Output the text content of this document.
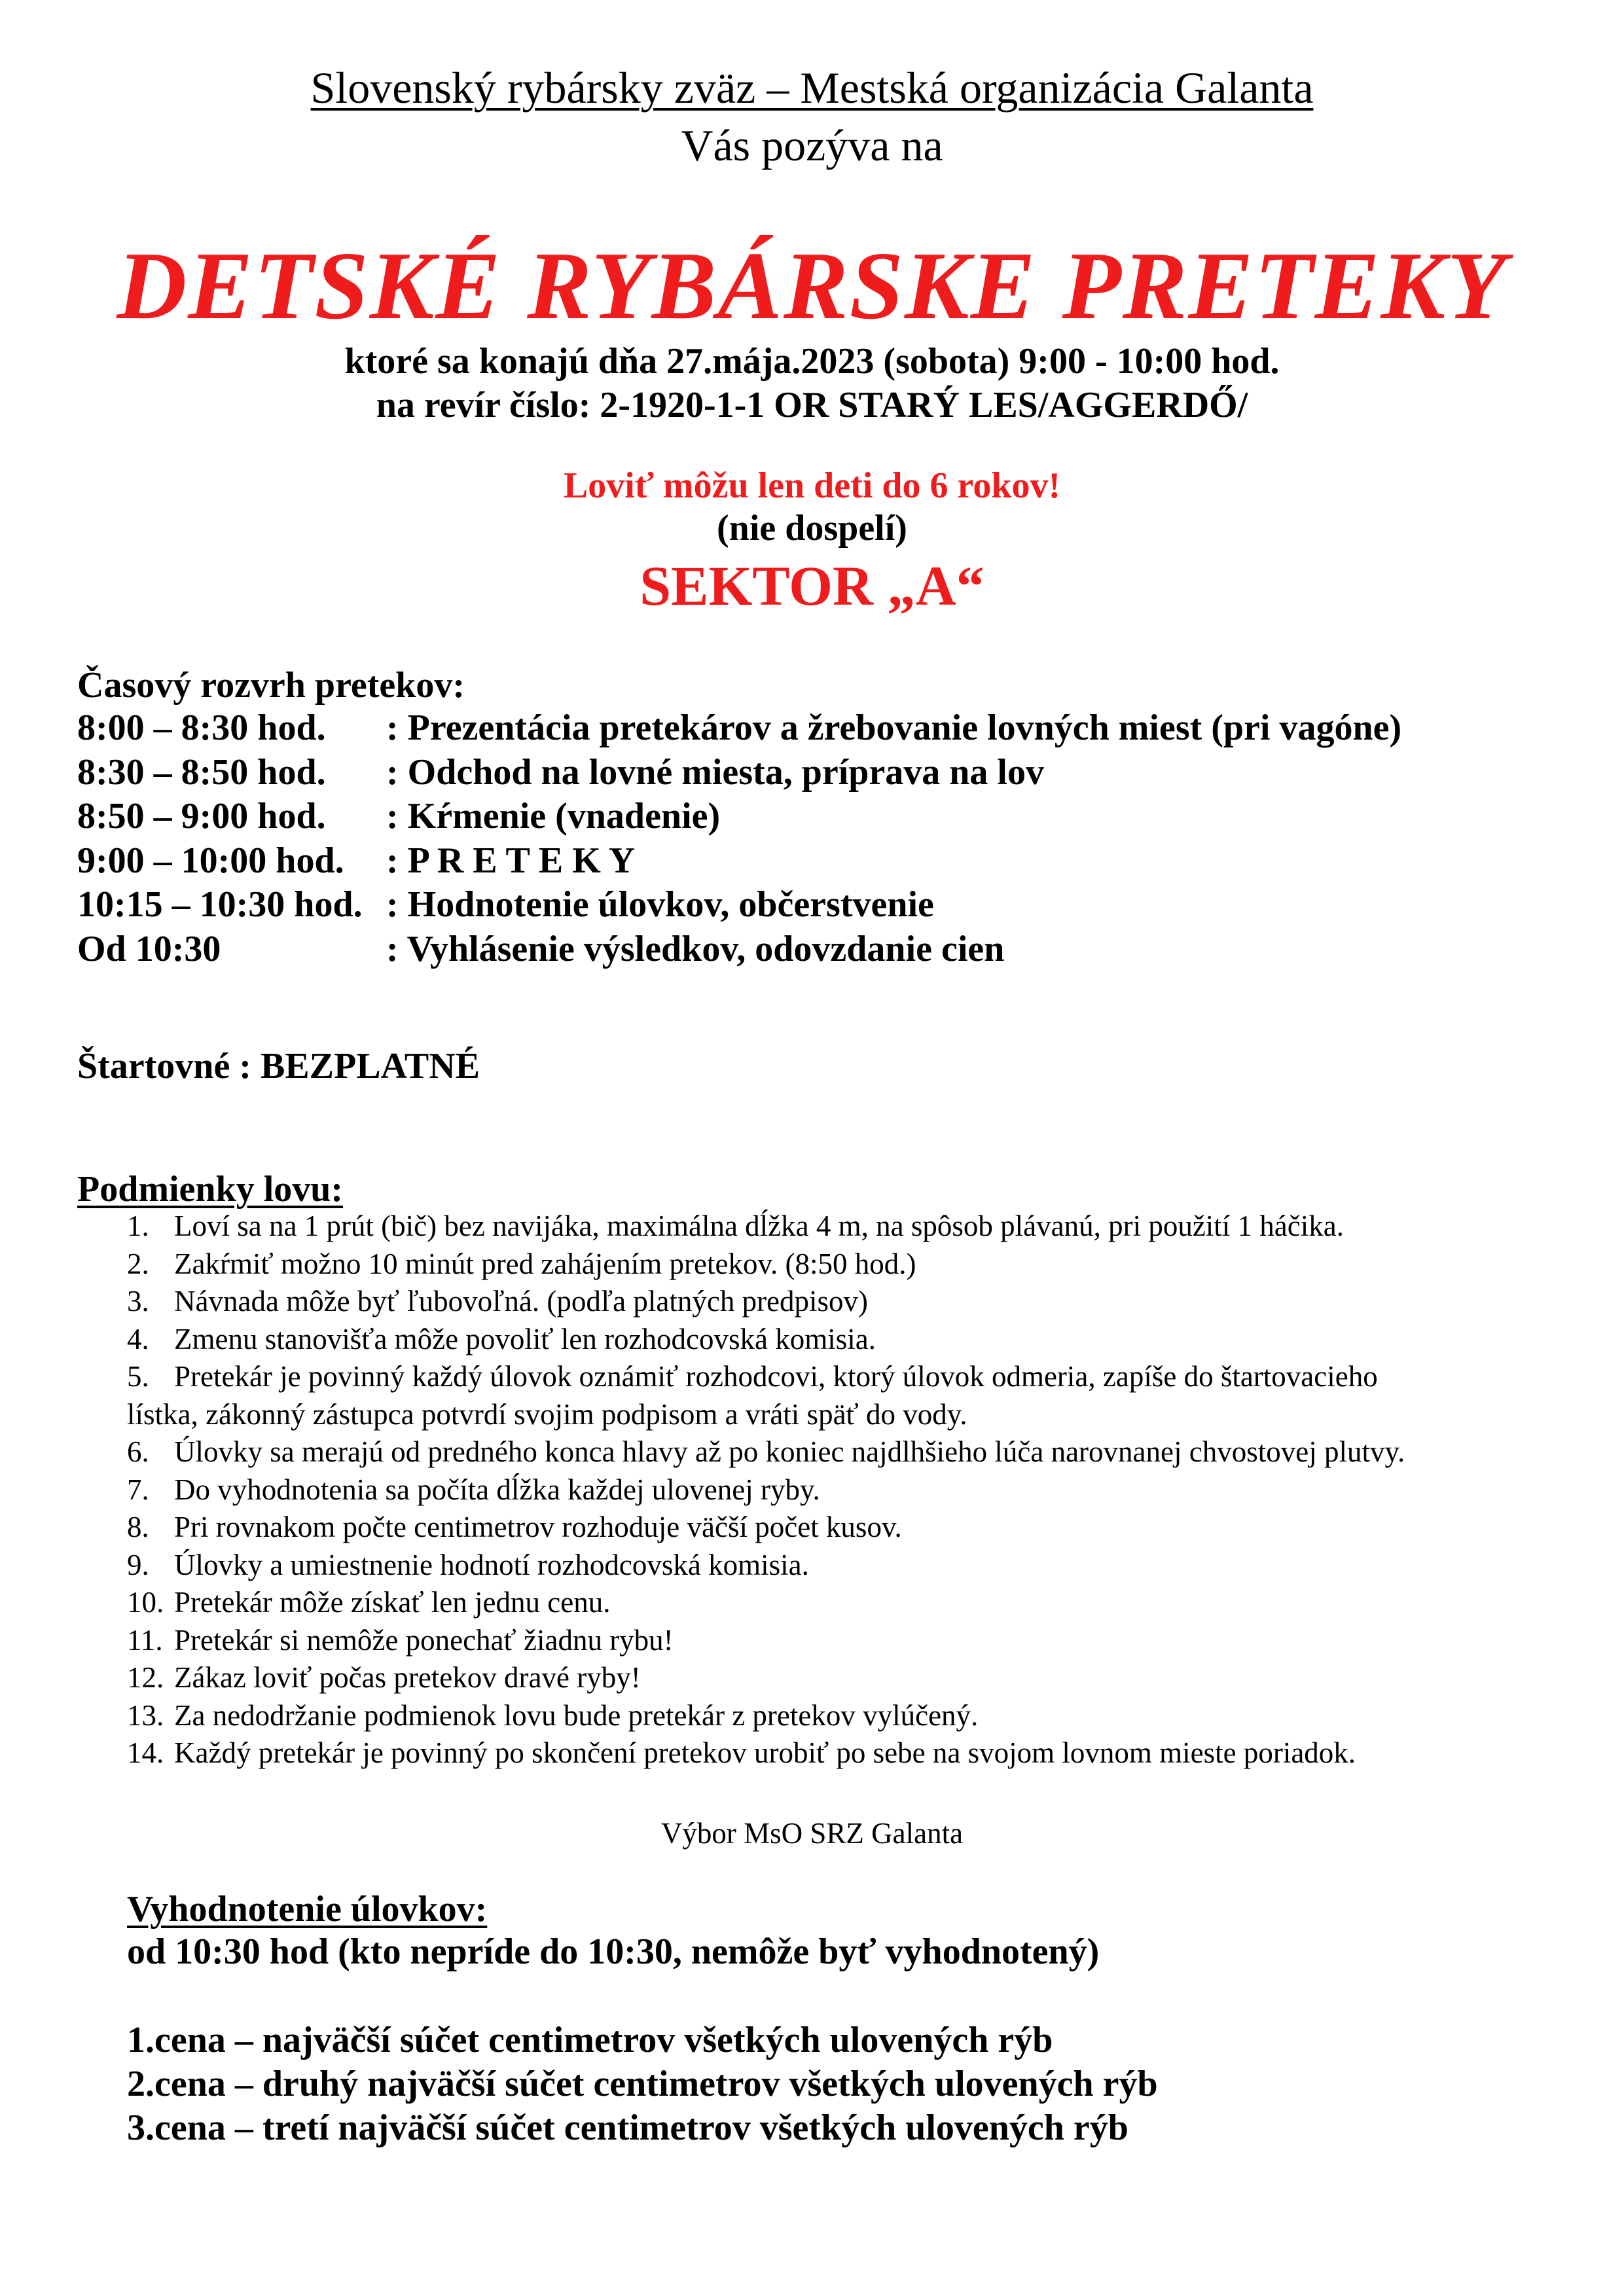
Slovenský rybársky zväz – Mestská organizácia Galanta
Vás pozýva na
DETSKÉ RYBÁRSKE PRETEKY
ktoré sa konajú dňa 27.mája.2023 (sobota) 9:00 - 10:00 hod.
na revír číslo: 2-1920-1-1 OR STARÝ LES/AGGERDŐ/
Loviť môžu len deti do 6 rokov!
(nie dospelí)
SEKTOR „A“
Časový rozvrh pretekov:
8:00 – 8:30 hod.	: Prezentácia pretekárov a žrebovanie lovných miest (pri vagóne)
8:30 – 8:50 hod.	: Odchod na lovné miesta, príprava na lov
8:50 – 9:00 hod.	: Kŕmenie (vnadenie)
9:00 – 10:00 hod.	: P R E T E K Y
10:15 – 10:30 hod. : Hodnotenie úlovkov, občerstvenie
Od 10:30	: Vyhlásenie výsledkov, odovzdanie cien
Štartovné : BEZPLATNÉ
Podmienky lovu:
1. Loví sa na 1 prút (bič) bez navijáka, maximálna dĺžka 4 m, na spôsob plávanú, pri použití 1 háčika.
2. Zakŕmiť možno 10 minút pred zahájením pretekov. (8:50 hod.)
3. Návnada môže byť ľubovoľná. (podľa platných predpisov)
4. Zmenu stanovišťa môže povoliť len rozhodcovská komisia.
5. Pretekár je povinný každý úlovok oznámiť rozhodcovi, ktorý úlovok odmeria, zapíše do štartovacieho
lístka, zákonný zástupca potvrdí svojim podpisom a vráti späť do vody.
6. Úlovky sa merajú od predného konca hlavy až po koniec najdlhšieho lúča narovnanej chvostovej plutvy.
7. Do vyhodnotenia sa počíta dĺžka každej ulovenej ryby.
8. Pri rovnakom počte centimetrov rozhoduje väčší počet kusov.
9. Úlovky a umiestnenie hodnotí rozhodcovská komisia.
10. Pretekár môže získať len jednu cenu.
11. Pretekár si nemôže ponechať žiadnu rybu!
12. Zákaz loviť počas pretekov dravé ryby!
13. Za nedodržanie podmienok lovu bude pretekár z pretekov vylúčený.
14. Každý pretekár je povinný po skončení pretekov urobiť po sebe na svojom lovnom mieste poriadok.
Výbor MsO SRZ Galanta
Vyhodnotenie úlovkov:
od 10:30 hod (kto nepríde do 10:30, nemôže byť vyhodnotený)
1.cena – najväčší súčet centimetrov všetkých ulovených rýb
2.cena – druhý najväčší súčet centimetrov všetkých ulovených rýb
3.cena – tretí najväčší súčet centimetrov všetkých ulovených rýb
